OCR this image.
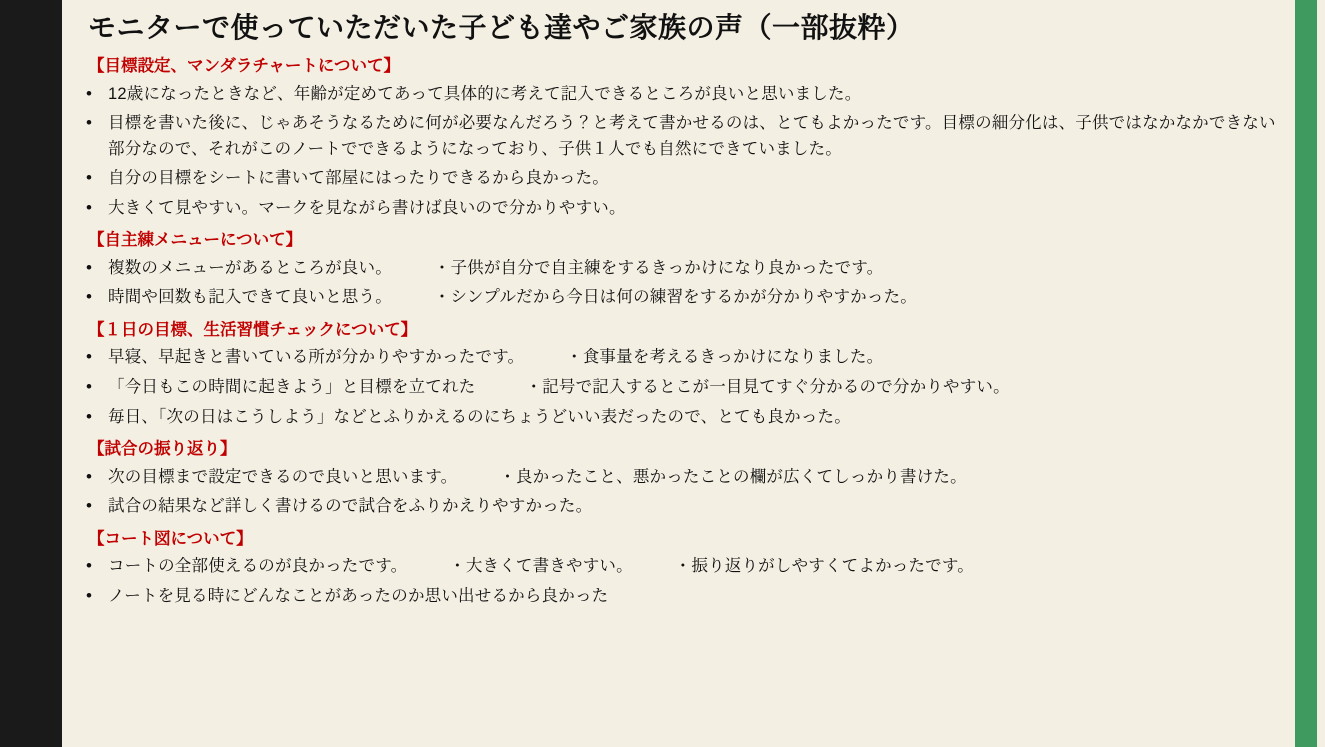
モニターで使っていただいた子ども達やご家族の声（一部抜粋）
【目標設定、マンダラチャートについて】
• 12歳になったときなど、年齢が定めてあって具体的に考えて記入できるところが良いと思いました。
• 目標を書いた後に、じゃあそうなるために何が必要なんだろう？と考えて書かせるのは、とてもよかったです。目標の細分化は、子供ではなかなかできない部分なので、それがこのノートでできるようになっており、子供１人でも自然にできていました。
• 自分の目標をシートに書いて部屋にはったりできるから良かった。
• 大きくて見やすい。マークを見ながら書けば良いので分かりやすい。
【自主練メニューについて】
• 複数のメニューがあるところが良い。　　　・子供が自分で自主練をするきっかけになり良かったです。
• 時間や回数も記入できて良いと思う。　　　・シンプルだから今日は何の練習をするかが分かりやすかった。
【１日の目標、生活習慣チェックについて】
• 早寝、早起きと書いている所が分かりやすかったです。　　　・食事量を考えるきっかけになりました。
• 「今日もこの時間に起きよう」と目標を立てれた　　　・記号で記入するとこが一目見てすぐ分かるので分かりやすい。
• 毎日、「次の日はこうしよう」などとふりかえるのにちょうどいい表だったので、とても良かった。
【試合の振り返り】
• 次の目標まで設定できるので良いと思います。　　　・良かったこと、悪かったことの欄が広くてしっかり書けた。
• 試合の結果など詳しく書けるので試合をふりかえりやすかった。
【コート図について】
• コートの全部使えるのが良かったです。　　　・大きくて書きやすい。　　　・振り返りがしやすくてよかったです。
• ノートを見る時にどんなことがあったのか思い出せるから良かった
